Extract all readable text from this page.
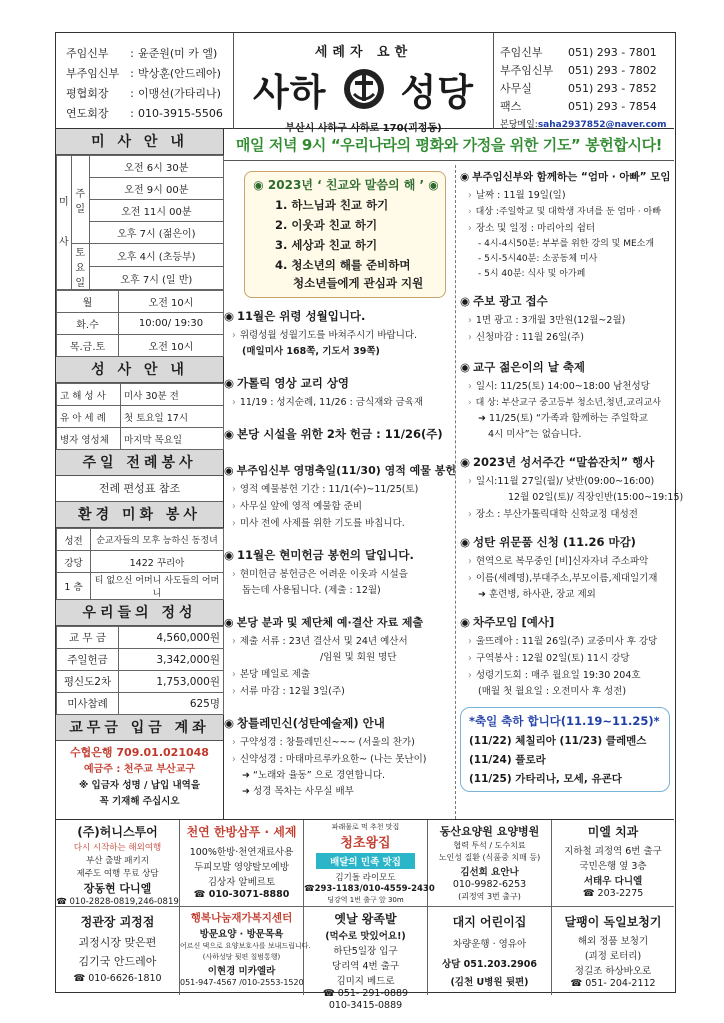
주임신부	: 윤준원(미 카 엘)
부주임신부	: 박상훈(안드레아)
평협회장	: 이맹선(가타리나)
연도회장	: 010-3915-5506
세례자 요한
사하 성당
부산시 사하구 사하로 170(괴정동)
주임신부	051) 293 - 7801
부주임신부	051) 293 - 7802
사무실	051) 293 - 7852
팩스	051) 293 - 7854
본당메일:saha2937852@naver.com
미 사 안 내
미
사	주일	오전 6시 30분
		오전 9시 00분
		오전 11시 00분
		오후 7시 (젊은이)
	토요일	오후 4시 (초등부)
		오후 7시 (일 반)
월	오전 10시
화.수	10:00/ 19:30
목.금.토	오전 10시
성 사 안 내
고 해 성 사	미사 30분 전
유 아 세 례	첫 토요일 17시
병자 영성체	마지막 목요일
주일 전례봉사
전례 편성표 참조
환경 미화 봉사
성전	순교자들의 모후 능하신 동정녀
강당	1422 꾸리아
1 층	티 없으신 어머니 사도들의 어머니
우리들의 정성
교 무 금	4,560,000원
주일헌금	3,342,000원
평신도2차	1,753,000원
미사참례	625명
교무금 입금 계좌
수협은행 709.01.021048
예금주 : 천주교 부산교구
※ 입금자 성명 / 납입 내역을
꼭 기재해 주십시오
매일 저녁 9시 “우리나라의 평화와 가정을 위한 기도” 봉헌합시다!
◉ 2023년 ‘ 친교와 말씀의 해 ’ ◉
1. 하느님과 친교 하기
2. 이웃과 친교 하기
3. 세상과 친교 하기
4. 청소년의 해를 준비하며
청소년들에게 관심과 지원
◉ 11월은 위령 성월입니다.
› 위령성월 성월기도를 바쳐주시기 바랍니다.
(매일미사 168쪽, 기도서 39쪽)
◉ 가톨릭 영상 교리 상영
› 11/19 : 성지순례, 11/26 : 금식재와 금육재
◉ 본당 시설을 위한 2차 헌금 : 11/26(주)
◉ 부주임신부 영명축일(11/30) 영적 예물 봉헌
› 영적 예물봉헌 기간 : 11/1(수)~11/25(토)
› 사무실 앞에 영적 예물함 준비
› 미사 전에 사제를 위한 기도를 바칩니다.
◉ 11월은 현미헌금 봉헌의 달입니다.
› 현미헌금 봉헌금은 어려운 이웃과 시설을
돕는데 사용됩니다. (제출 : 12월)
◉ 본당 분과 및 제단체 예·결산 자료 제출
› 제출 서류 : 23년 결산서 및 24년 예산서
/임원 및 회원 명단
› 본당 메일로 제출
› 서류 마감 : 12월 3일(주)
◉ 창틀레민신(성탄예술제) 안내
› 구약성경 : 창틀레민신~~~ (서울의 찬가)
› 신약성경 : 마태마르루카요한~ (나는 못난이)
➜ “노래와 율동” 으로 경연합니다.
➜ 성경 목차는 사무실 배부
◉ 부주임신부와 함께하는 “엄마 · 아빠” 모임
› 날짜 : 11월 19일(일)
› 대상 :주일학교 및 대학생 자녀를 둔 엄마 · 아빠
› 장소 및 일정 : 마리아의 쉼터
- 4시-4시50분: 부부를 위한 강의 및 ME소개
- 5시-5시40분: 소공동체 미사
- 5시 40분: 식사 및 아가페
◉ 주보 광고 접수
› 1면 광고 : 3개월 3만원(12월~2월)
› 신청마감 : 11월 26일(주)
◉ 교구 젊은이의 날 축제
› 일시: 11/25(토) 14:00~18:00 남천성당
› 대 상: 부산교구 중고등부 청소년,청년,교리교사
➜ 11/25(토) “가족과 함께하는 주일학교
4시 미사”는 없습니다.
◉ 2023년 성서주간 “말씀잔치” 행사
› 일시:11월 27일(월)/ 낮반(09:00~16:00)
12월 02일(토)/ 직장인반(15:00~19:15)
› 장소 : 부산가톨릭대학 신학교정 대성전
◉ 성탄 위문품 신청 (11.26 마감)
› 현역으로 복무중인 [비]신자자녀 주소파악
› 이름(세례명),부대주소,부모이름,제대일기재
➜ 훈련병, 하사관, 장교 제외
◉ 차주모임 [예사]
› 울뜨레아 : 11월 26일(주) 교중미사 후 강당
› 구역봉사 : 12월 02일(토) 11시 강당
› 성령기도회 : 매주 월요일 19:30 204호
(매월 첫 월요일 : 오전미사 후 성전)
*축일 축하 합니다(11.19~11.25)*
(11/22) 체칠리아 (11/23) 클레멘스
(11/24) 플로라
(11/25) 가타리나, 모세, 유굔다
(주)허니스투어
다시 시작하는 해외여행
부산 출발 패키지
제주도 여행 무료 상담
장동현 다니엘
☎ 010-2828-0819,246-0819
천연 한방삼푸 · 세제
100%한방·천연재료사용
두피모발 영양탈모예방
김상자 알베르토
☎ 010-3071-8880
파래물로 먹 추천 맛집
청초왕집
배달의 민족 맛집
김기돌 라이모도
☎293-1183/010-4559-2430
딩강역 1번 출구 앞 30m
동산요양원 요양병원
협력 투석 / 도수치료
노인성 질환 (식품중 치매 등)
김선희 요안나
010-9982-6253
(괴정역 3번 출구)
미엘 치과
지하철 괴정역 6번 출구
국민은행 옆 3층
서태우 다니엘
☎ 203-2275
정관장 괴정점
괴정시장 맞은편
김기국 안드레아
☎ 010-6626-1810
행복나눔재가복지센터
방문요양 · 방문목욕
어르신 댁으로 요양보호사를 보내드립니다.
(사하성당 뒷편 칠범통행)
이현경 미카엘라
051-947-4567 /010-2553-1520
옛날 왕족발
(먹수로 맛있어요!)
하단5일장 입구
당리역 4번 출구
김미지 베드로
☎ 051- 291-0889
010-3415-0889
대지 어린이집
차량운행 · 영유아
상담 051.203.2906
(김천 U병원 뒷편)
달팽이 독일보청기
해외 정품 보청기
(괴정 로터리)
정길조 하상바오로
☎ 051- 204-2112
